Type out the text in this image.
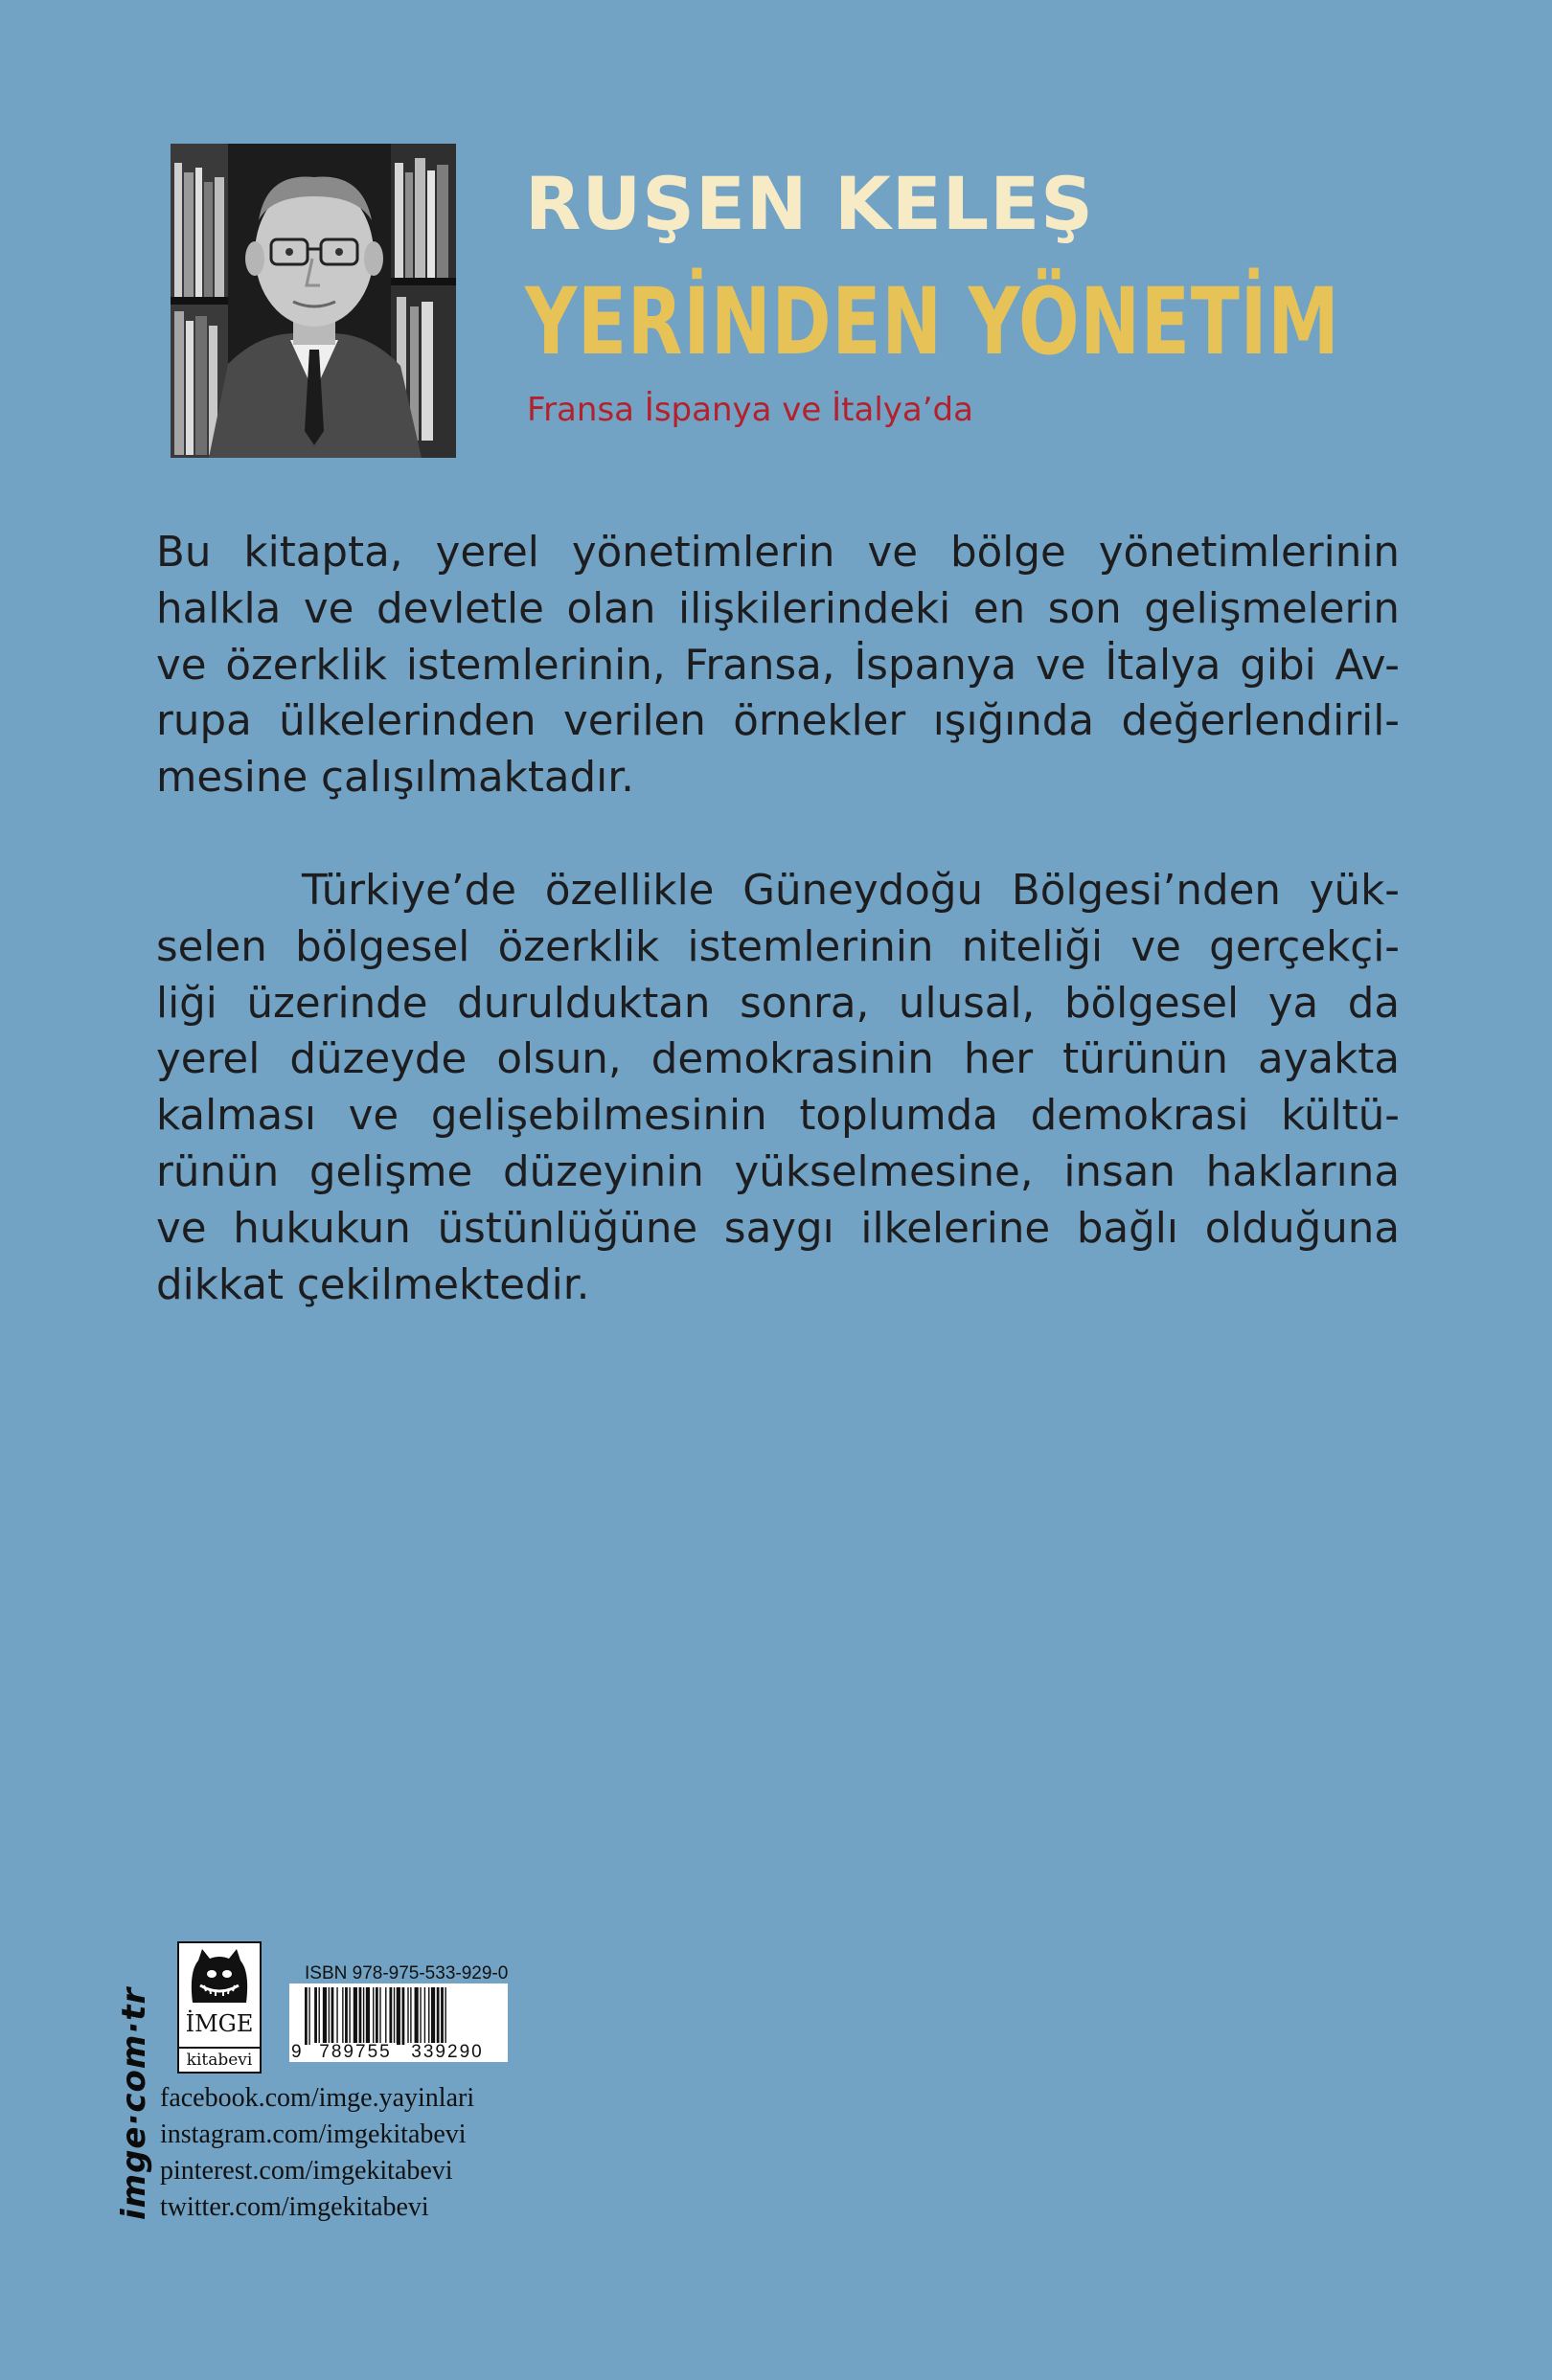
RUŞEN KELEŞ
YERİNDEN YÖNETİM
Fransa İspanya ve İtalya’da
Bu kitapta, yerel yönetimlerin ve bölge yönetimlerinin
halkla ve devletle olan ilişkilerindeki en son gelişmelerin
ve özerklik istemlerinin, Fransa, İspanya ve İtalya gibi Av-
rupa ülkelerinden verilen örnekler ışığında değerlendiril-
mesine çalışılmaktadır.
Türkiye’de özellikle Güneydoğu Bölgesi’nden yük-
selen bölgesel özerklik istemlerinin niteliği ve gerçekçi-
liği üzerinde durulduktan sonra, ulusal, bölgesel ya da
yerel düzeyde olsun, demokrasinin her türünün ayakta
kalması ve gelişebilmesinin toplumda demokrasi kültü-
rünün gelişme düzeyinin yükselmesine, insan haklarına
ve hukukun üstünlüğüne saygı ilkelerine bağlı olduğuna
dikkat çekilmektedir.
imge·com·tr İMGE
kitabevi
ISBN 978-975-533-929-0
9 789755 339290
facebook.com/imge.yayinlari
instagram.com/imgekitabevi
pinterest.com/imgekitabevi
twitter.com/imgekitabevi
